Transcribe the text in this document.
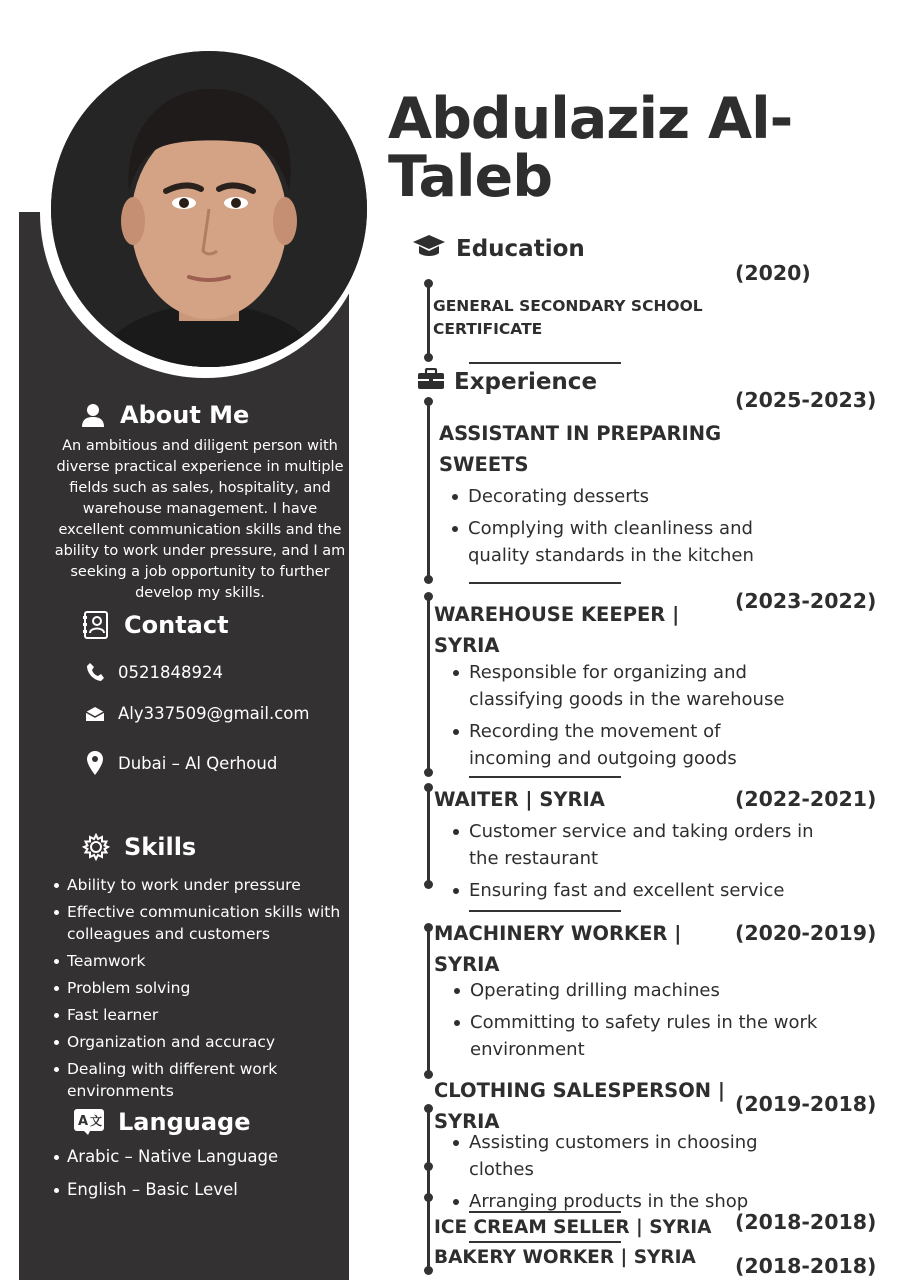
About Me
An ambitious and diligent person with diverse practical experience in multiple fields such as sales, hospitality, and warehouse management. I have excellent communication skills and the ability to work under pressure, and I am seeking a job opportunity to further develop my skills.
Contact
0521848924
Aly337509@gmail.com
Dubai – Al Qerhoud
Skills
Ability to work under pressure
Effective communication skills with colleagues and customers
Teamwork
Problem solving
Fast learner
Organization and accuracy
Dealing with different work environments
A 文 Language
Arabic – Native Language
English – Basic Level
Abdulaziz Al-Taleb
Education
(2020)
GENERAL SECONDARY SCHOOL CERTIFICATE
Experience
ASSISTANT IN PREPARING SWEETS
(2025-2023)
Decorating desserts
Complying with cleanliness and quality standards in the kitchen
WAREHOUSE KEEPER | SYRIA
(2023-2022)
Responsible for organizing and classifying goods in the warehouse
Recording the movement of incoming and outgoing goods
WAITER | SYRIA	(2022-2021)
Customer service and taking orders in the restaurant
Ensuring fast and excellent service
MACHINERY WORKER | SYRIA
(2020-2019)
Operating drilling machines
Committing to safety rules in the work environment
CLOTHING SALESPERSON | SYRIA
(2019-2018)
Assisting customers in choosing clothes
Arranging products in the shop
ICE CREAM SELLER | SYRIA	(2018-2018)
BAKERY WORKER | SYRIA	(2018-2018)
